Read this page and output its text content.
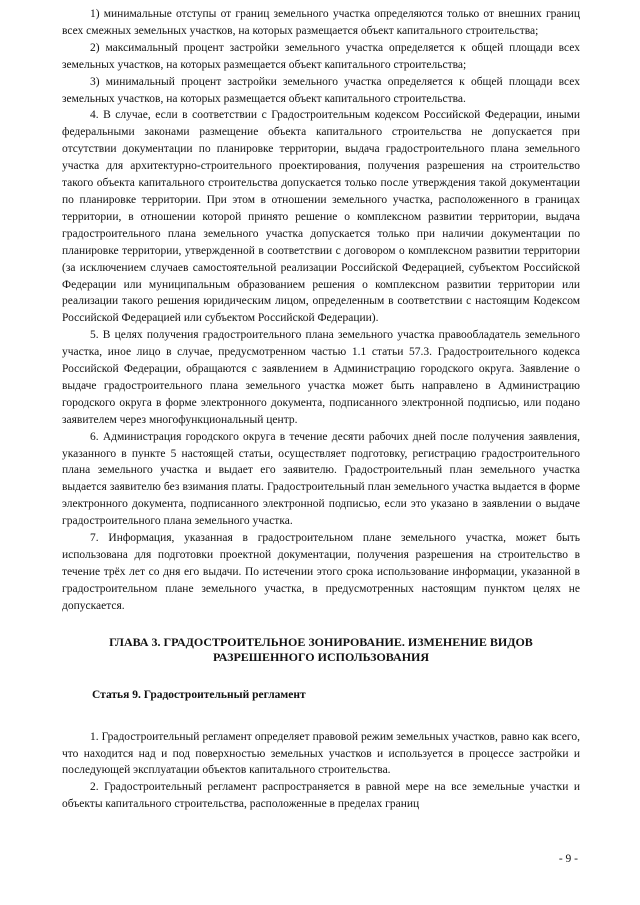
1) минимальные отступы от границ земельного участка определяются только от внешних границ всех смежных земельных участков, на которых размещается объект капитального строительства;

2) максимальный процент застройки земельного участка определяется к общей площади всех земельных участков, на которых размещается объект капитального строительства;

3) минимальный процент застройки земельного участка определяется к общей площади всех земельных участков, на которых размещается объект капитального строительства.

4. В случае, если в соответствии с Градостроительным кодексом Российской Федерации, иными федеральными законами размещение объекта капитального строительства не допускается при отсутствии документации по планировке территории, выдача градостроительного плана земельного участка для архитектурно-строительного проектирования, получения разрешения на строительство такого объекта капитального строительства допускается только после утверждения такой документации по планировке территории. При этом в отношении земельного участка, расположенного в границах территории, в отношении которой принято решение о комплексном развитии территории, выдача градостроительного плана земельного участка допускается только при наличии документации по планировке территории, утвержденной в соответствии с договором о комплексном развитии территории (за исключением случаев самостоятельной реализации Российской Федерацией, субъектом Российской Федерации или муниципальным образованием решения о комплексном развитии территории или реализации такого решения юридическим лицом, определенным в соответствии с настоящим Кодексом Российской Федерацией или субъектом Российской Федерации).

5. В целях получения градостроительного плана земельного участка правообладатель земельного участка, иное лицо в случае, предусмотренном частью 1.1 статьи 57.3. Градостроительного кодекса Российской Федерации, обращаются с заявлением в Администрацию городского округа. Заявление о выдаче градостроительного плана земельного участка может быть направлено в Администрацию городского округа в форме электронного документа, подписанного электронной подписью, или подано заявителем через многофункциональный центр.

6. Администрация городского округа в течение десяти рабочих дней после получения заявления, указанного в пункте 5 настоящей статьи, осуществляет подготовку, регистрацию градостроительного плана земельного участка и выдает его заявителю. Градостроительный план земельного участка выдается заявителю без взимания платы. Градостроительный план земельного участка выдается в форме электронного документа, подписанного электронной подписью, если это указано в заявлении о выдаче градостроительного плана земельного участка.

7. Информация, указанная в градостроительном плане земельного участка, может быть использована для подготовки проектной документации, получения разрешения на строительство в течение трёх лет со дня его выдачи. По истечении этого срока использование информации, указанной в градостроительном плане земельного участка, в предусмотренных настоящим пунктом целях не допускается.

ГЛАВА 3. ГРАДОСТРОИТЕЛЬНОЕ ЗОНИРОВАНИЕ. ИЗМЕНЕНИЕ ВИДОВ РАЗРЕШЕННОГО ИСПОЛЬЗОВАНИЯ
Статья 9. Градостроительный регламент

1. Градостроительный регламент определяет правовой режим земельных участков, равно как всего, что находится над и под поверхностью земельных участков и используется в процессе застройки и последующей эксплуатации объектов капитального строительства.

2. Градостроительный регламент распространяется в равной мере на все земельные участки и объекты капитального строительства, расположенные в пределах границ

- 9 -
